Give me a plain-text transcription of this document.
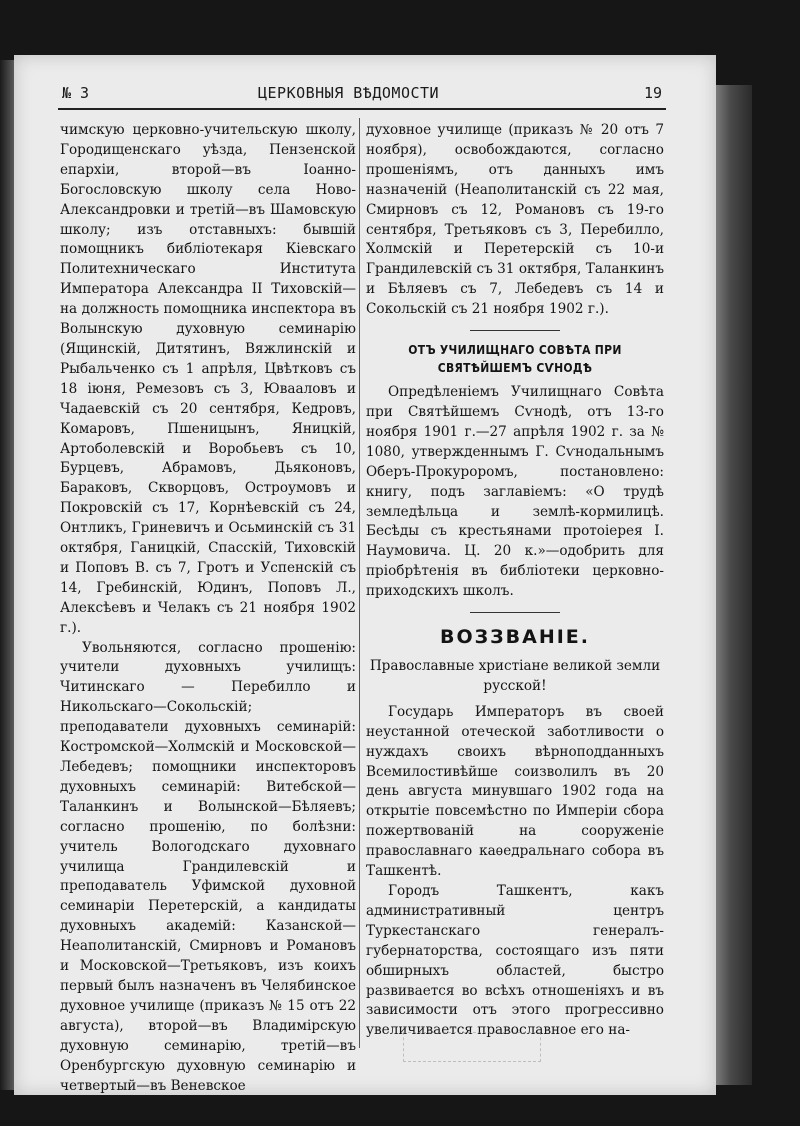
№ 3	ЦЕРКОВНЫЯ ВѢДОМОСТИ	19

чимскую церковно-учительскую школу, Городищенскаго уѣзда, Пензенской епархіи, второй—въ Іоанно-Богословскую школу села Ново-Александровки и третій—въ Шамовскую школу; изъ отставныхъ: бывшій помощникъ библіотекаря Кіевскаго Политехническаго Института Императора Александра II Тиховскій—на должность помощника инспектора въ Волынскую духовную семинарію (Ящинскій, Дитятинъ, Вяжлинскій и Рыбальченко съ 1 апрѣля, Цвѣтковъ съ 18 іюня, Ремезовъ съ 3, Ювааловъ и Чадаевскій съ 20 сентября, Кедровъ, Комаровъ, Пшеницынъ, Яницкій, Артоболевскій и Воробьевъ съ 10, Бурцевъ, Абрамовъ, Дьяконовъ, Бараковъ, Скворцовъ, Остроумовъ и Покровскій съ 17, Корнѣевскій съ 24, Онтликъ, Гриневичъ и Осьминскій съ 31 октября, Ганицкій, Спасскій, Тиховскій и Поповъ В. съ 7, Гротъ и Успенскій съ 14, Гребинскій, Юдинъ, Поповъ Л., Алексѣевъ и Челакъ съ 21 ноября 1902 г.).

Увольняются, согласно прошенію: учители духовныхъ училищъ: Читинскаго — Перебилло и Никольскаго—Сокольскій; преподаватели духовныхъ семинарій: Костромской—Холмскій и Московской—Лебедевъ; помощники инспекторовъ духовныхъ семинарій: Витебской—Таланкинъ и Волынской—Бѣляевъ; согласно прошенію, по болѣзни: учитель Вологодскаго духовнаго училища Грандилевскій и преподаватель Уфимской духовной семинаріи Перетерскій, а кандидаты духовныхъ академій: Казанской—Неаполитанскій, Смирновъ и Романовъ и Московской—Третьяковъ, изъ коихъ первый былъ назначенъ въ Челябинское духовное училище (приказъ № 15 отъ 22 августа), второй—въ Владимірскую духовную семинарію, третій—въ Оренбургскую духовную семинарію и четвертый—въ Веневское

духовное училище (приказъ № 20 отъ 7 ноября), освобождаются, согласно прошеніямъ, отъ данныхъ имъ назначеній (Неаполитанскій съ 22 мая, Смирновъ съ 12, Романовъ съ 19-го сентября, Третьяковъ съ 3, Перебилло, Холмскій и Перетерскій съ 10-и Грандилевскій съ 31 октября, Таланкинъ и Бѣляевъ съ 7, Лебедевъ съ 14 и Сокольскій съ 21 ноября 1902 г.).

ОТЪ УЧИЛИЩНАГО СОВѢТА ПРИ СВЯТѢЙШЕМЪ СѴНОДѢ

Опредѣленіемъ Училищнаго Совѣта при Святѣйшемъ Сѵнодѣ, отъ 13-го ноября 1901 г.—27 апрѣля 1902 г. за № 1080, утвержденнымъ Г. Сѵнодальнымъ Оберъ-Прокуроромъ, постановлено: книгу, подъ заглавіемъ: «О трудѣ земледѣльца и землѣ-кормилицѣ. Бесѣды съ крестьянами протоіерея І. Наумовича. Ц. 20 к.»—одобрить для пріобрѣтенія въ библіотеки церковно-приходскихъ школъ.

ВОЗЗВАНІЕ.

Православные христiане великой земли русской!

Государь Императоръ въ своей неустанной отеческой заботливости о нуждахъ своихъ вѣрноподданныхъ Всемилостивѣйше соизволилъ въ 20 день августа минувшаго 1902 года на открытіе повсемѣстно по Имперіи сбора пожертвованій на сооруженіе православнаго каѳедральнаго собора въ Ташкентѣ.

Городъ Ташкентъ, какъ административный центръ Туркестанскаго генералъ-губернаторства, состоящаго изъ пяти обширныхъ областей, быстро развивается во всѣхъ отношеніяхъ и въ зависимости отъ этого прогрессивно увеличивается православное его на-
